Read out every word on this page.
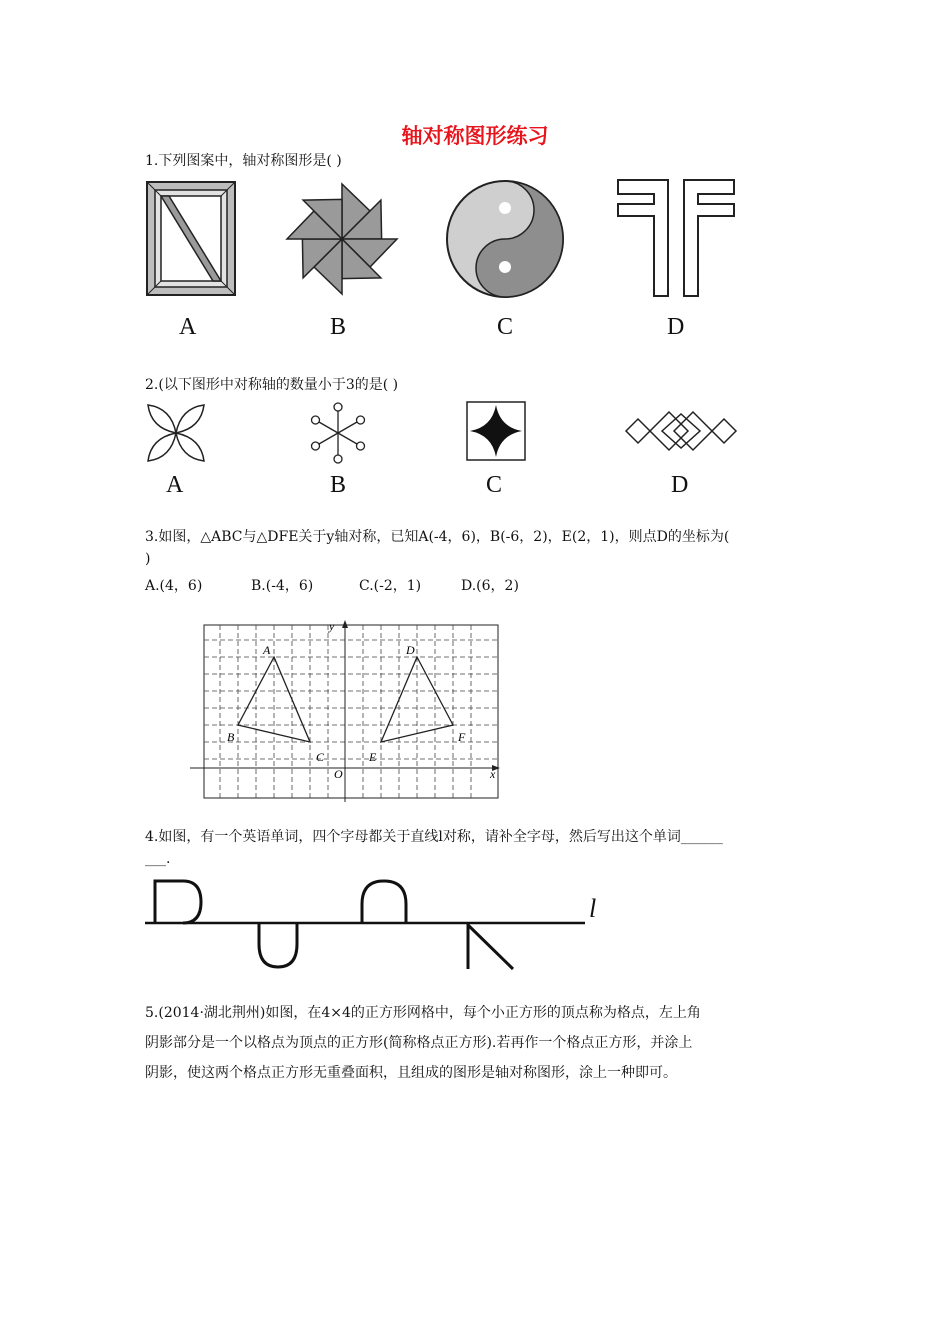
轴对称图形练习
1.下列图案中，轴对称图形是( )
A	B	C	D
2.(以下图形中对称轴的数量小于3的是( )
A	B	C	D
3.如图，△ABC与△DFE关于y轴对称，已知A(-4，6)，B(-6，2)，E(2，1)，则点D的坐标为(
)
A.(4，6)	B.(-4，6)	C.(-2，1)	D.(6，2)
y
x
O
A
B
C
D
E
F
4.如图，有一个英语单词，四个字母都关于直线l对称，请补全字母，然后写出这个单词______
___.
l
5.(2014·湖北荆州)如图，在4×4的正方形网格中，每个小正方形的顶点称为格点，左上角
阴影部分是一个以格点为顶点的正方形(简称格点正方形).若再作一个格点正方形，并涂上
阴影，使这两个格点正方形无重叠面积，且组成的图形是轴对称图形，涂上一种即可。
